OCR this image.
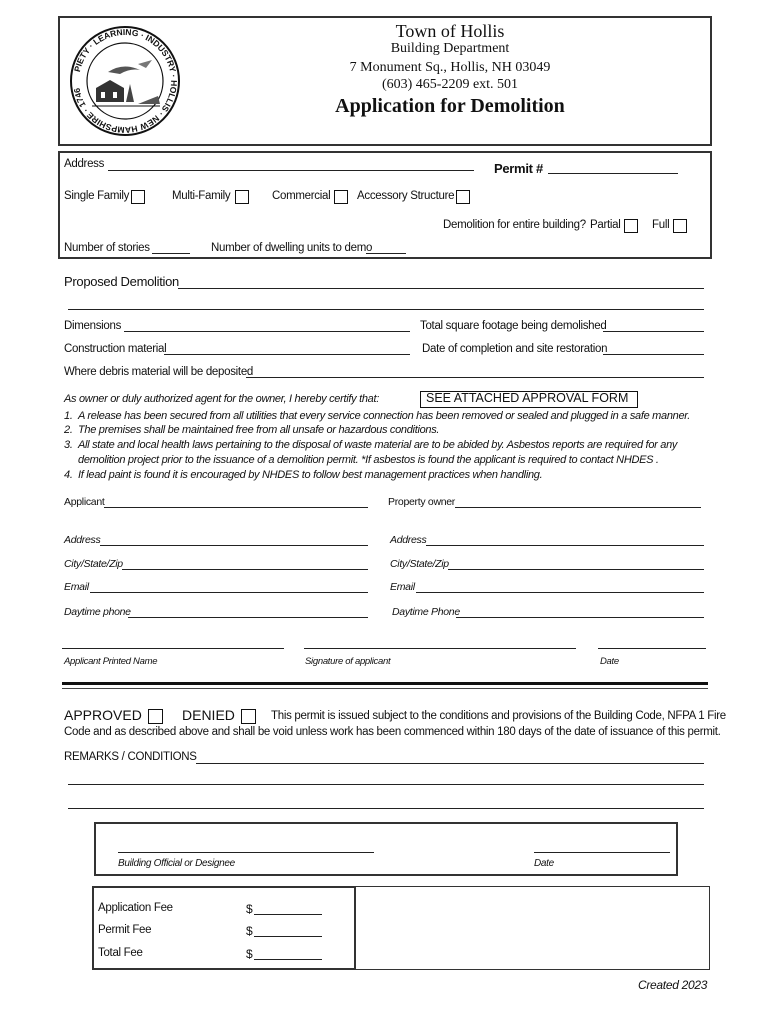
PIETY · LEARNING · INDUSTRY · HOLLIS · NEW HAMPSHIRE · 1746
Town of Hollis
Building Department
7 Monument Sq., Hollis, NH 03049
(603) 465-2209 ext. 501
Application for Demolition
Address	Permit #
Single Family	Multi-Family	Commercial Accessory Structure
Demolition for entire building? Partial	Full
Number of stories	Number of dwelling units to demo
Proposed Demolition
Dimensions	Total square footage being demolished
Construction material	Date of completion and site restoration
Where debris material will be deposited
As owner or duly authorized agent for the owner, I hereby certify that:	SEE ATTACHED APPROVAL FORM
1. A release has been secured from all utilities that every service connection has been removed or sealed and plugged in a safe manner.
2. The premises shall be maintained free from all unsafe or hazardous conditions.
3. All state and local health laws pertaining to the disposal of waste material are to be abided by. Asbestos reports are required for any
demolition project prior to the issuance of a demolition permit. *If asbestos is found the applicant is required to contact NHDES .
4. If lead paint is found it is encouraged by NHDES to follow best management practices when handling.
Applicant	Property owner
Address	Address
City/State/Zip	City/State/Zip
Email	Email
Daytime phone	Daytime Phone
Applicant Printed Name	Signature of applicant	Date
APPROVED	DENIED	This permit is issued subject to the conditions and provisions of the Building Code, NFPA 1 Fire
Code and as described above and shall be void unless work has been commenced within 180 days of the date of issuance of this permit.
REMARKS / CONDITIONS
Building Official or Designee	Date
Application Fee	$
Permit Fee	$
Total Fee	$
Created 2023
